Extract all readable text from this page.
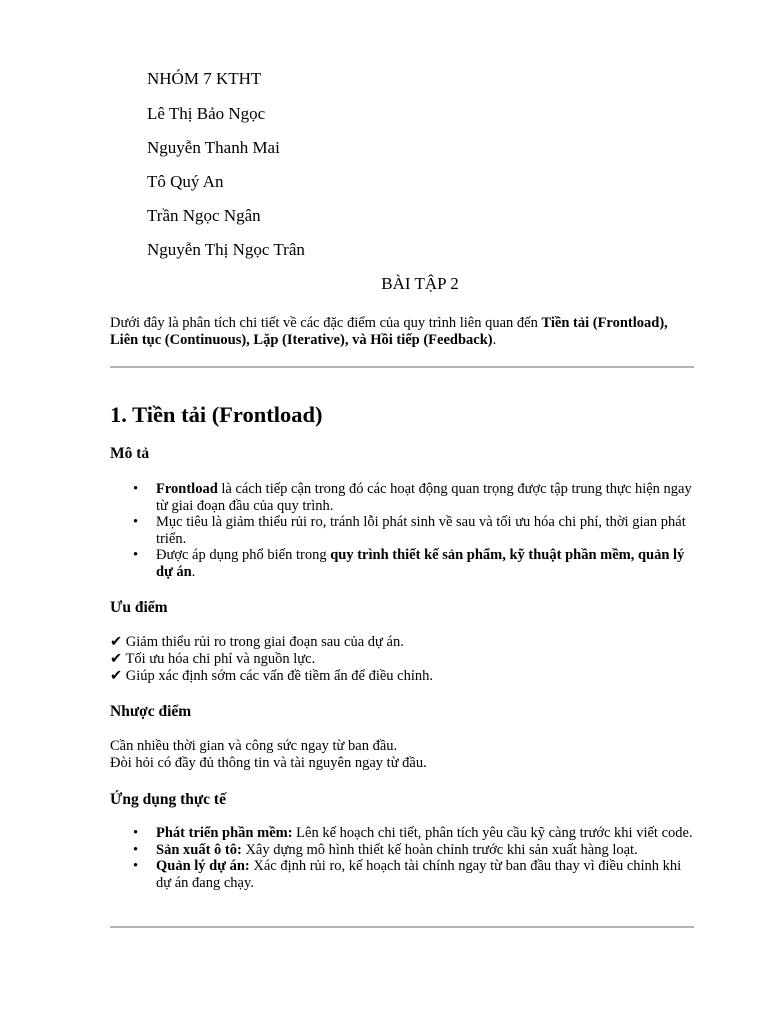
NHÓM 7 KTHT

Lê Thị Bảo Ngọc

Nguyễn Thanh Mai

Tô Quý An

Trần Ngọc Ngân

Nguyễn Thị Ngọc Trân

BÀI TẬP 2

Dưới đây là phân tích chi tiết về các đặc điểm của quy trình liên quan đến Tiền tải (Frontload), Liên tục (Continuous), Lặp (Iterative), và Hồi tiếp (Feedback).

1. Tiền tải (Frontload)

Mô tả

• Frontload là cách tiếp cận trong đó các hoạt động quan trọng được tập trung thực hiện ngay từ giai đoạn đầu của quy trình.
• Mục tiêu là giảm thiểu rủi ro, tránh lỗi phát sinh về sau và tối ưu hóa chi phí, thời gian phát triển.
• Được áp dụng phổ biến trong quy trình thiết kế sản phẩm, kỹ thuật phần mềm, quản lý dự án.

Ưu điểm

✔ Giảm thiểu rủi ro trong giai đoạn sau của dự án.
✔ Tối ưu hóa chi phí và nguồn lực.
✔ Giúp xác định sớm các vấn đề tiềm ẩn để điều chỉnh.

Nhược điểm

Cần nhiều thời gian và công sức ngay từ ban đầu.
Đòi hỏi có đầy đủ thông tin và tài nguyên ngay từ đầu.

Ứng dụng thực tế

• Phát triển phần mềm: Lên kế hoạch chi tiết, phân tích yêu cầu kỹ càng trước khi viết code.
• Sản xuất ô tô: Xây dựng mô hình thiết kế hoàn chỉnh trước khi sản xuất hàng loạt.
• Quản lý dự án: Xác định rủi ro, kế hoạch tài chính ngay từ ban đầu thay vì điều chỉnh khi dự án đang chạy.
